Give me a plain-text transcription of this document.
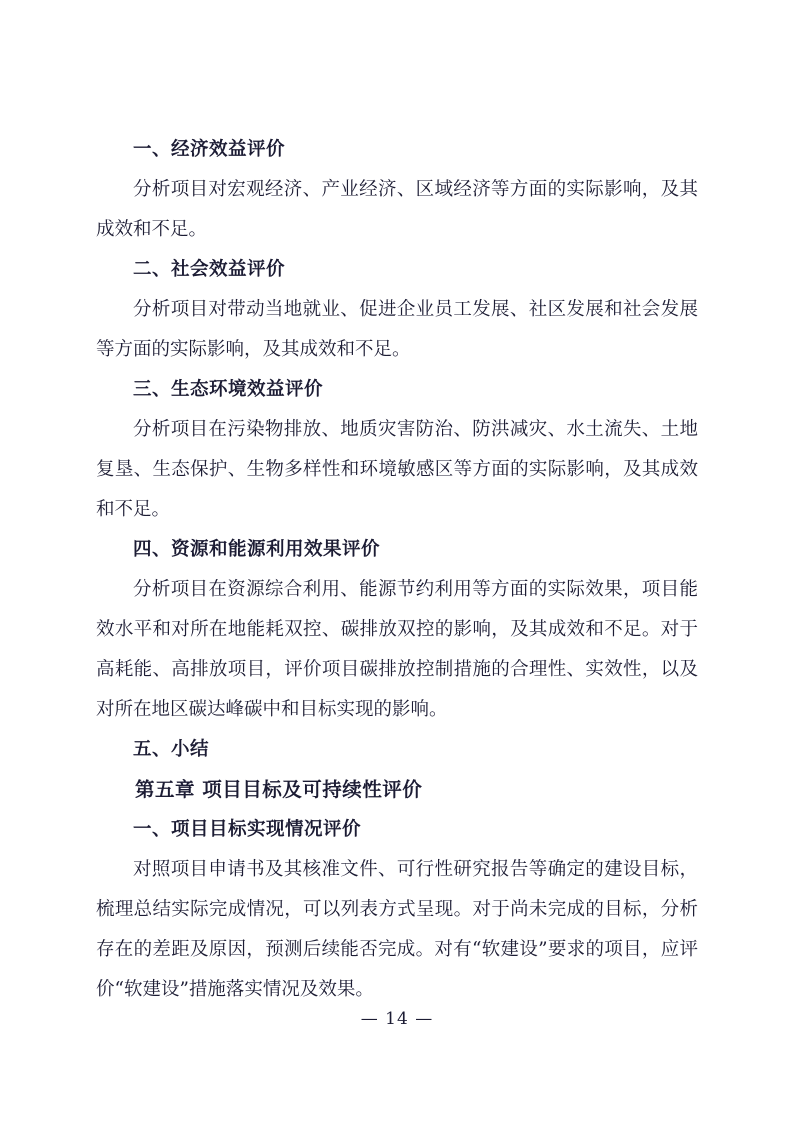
一、经济效益评价

分析项目对宏观经济、产业经济、区域经济等方面的实际影响，及其成效和不足。

二、社会效益评价

分析项目对带动当地就业、促进企业员工发展、社区发展和社会发展等方面的实际影响，及其成效和不足。

三、生态环境效益评价

分析项目在污染物排放、地质灾害防治、防洪减灾、水土流失、土地复垦、生态保护、生物多样性和环境敏感区等方面的实际影响，及其成效和不足。

四、资源和能源利用效果评价

分析项目在资源综合利用、能源节约利用等方面的实际效果，项目能效水平和对所在地能耗双控、碳排放双控的影响，及其成效和不足。对于高耗能、高排放项目，评价项目碳排放控制措施的合理性、实效性，以及对所在地区碳达峰碳中和目标实现的影响。

五、小结

第五章 项目目标及可持续性评价

一、项目目标实现情况评价

对照项目申请书及其核准文件、可行性研究报告等确定的建设目标，梳理总结实际完成情况，可以列表方式呈现。对于尚未完成的目标，分析存在的差距及原因，预测后续能否完成。对有“软建设”要求的项目，应评价“软建设”措施落实情况及效果。

— 14 —
